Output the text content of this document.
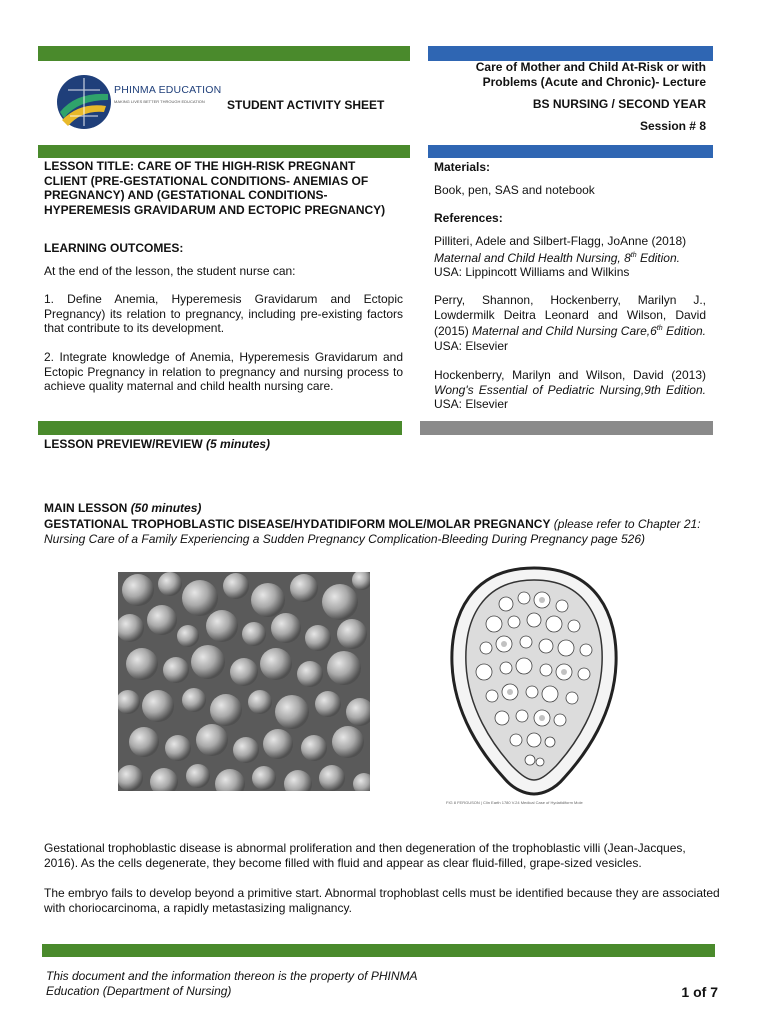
PHINMA EDUCATION
MAKING LIVES BETTER THROUGH EDUCATION STUDENT ACTIVITY SHEET
Care of Mother and Child At-Risk or with
Problems (Acute and Chronic)- Lecture
BS NURSING / SECOND YEAR
Session # 8
LESSON TITLE: CARE OF THE HIGH-RISK PREGNANT CLIENT (PRE-GESTATIONAL CONDITIONS- ANEMIAS OF PREGNANCY) AND (GESTATIONAL CONDITIONS- HYPEREMESIS GRAVIDARUM AND ECTOPIC PREGNANCY)
LEARNING OUTCOMES:
At the end of the lesson, the student nurse can:
1. Define Anemia, Hyperemesis Gravidarum and Ectopic Pregnancy) its relation to pregnancy, including pre-existing factors that contribute to its development.
2. Integrate knowledge of Anemia, Hyperemesis Gravidarum and Ectopic Pregnancy in relation to pregnancy and nursing process to achieve quality maternal and child health nursing care.
Materials:
Book, pen, SAS and notebook
References:

Pilliteri, Adele and Silbert-Flagg, JoAnne (2018)

Maternal and Child Health Nursing, 8th Edition.

USA: Lippincott Williams and Wilkins

Perry, Shannon, Hockenberry, Marilyn J., Lowdermilk Deitra Leonard and Wilson, David (2015) Maternal and Child Nursing Care,6th Edition. USA: Elsevier
Hockenberry, Marilyn and Wilson, David (2013) Wong's Essential of Pediatric Nursing,9th Edition. USA: Elsevier
LESSON PREVIEW/REVIEW (5 minutes)
MAIN LESSON (50 minutes)
GESTATIONAL TROPHOBLASTIC DISEASE/HYDATIDIFORM MOLE/MOLAR PREGNANCY (please refer to Chapter 21: Nursing Care of a Family Experiencing a Sudden Pregnancy Complication-Bleeding During Pregnancy page 526)
FIG 8 FERGUSON | Clin Earth 1780 V.24 Medical Case of Hydatidiform Mole
Gestational trophoblastic disease is abnormal proliferation and then degeneration of the trophoblastic villi (Jean-Jacques, 2016). As the cells degenerate, they become filled with fluid and appear as clear fluid-filled, grape-sized vesicles.
The embryo fails to develop beyond a primitive start. Abnormal trophoblast cells must be identified because they are associated with choriocarcinoma, a rapidly metastasizing malignancy.
This document and the information thereon is the property of PHINMA
Education (Department of Nursing)	1 of 7
